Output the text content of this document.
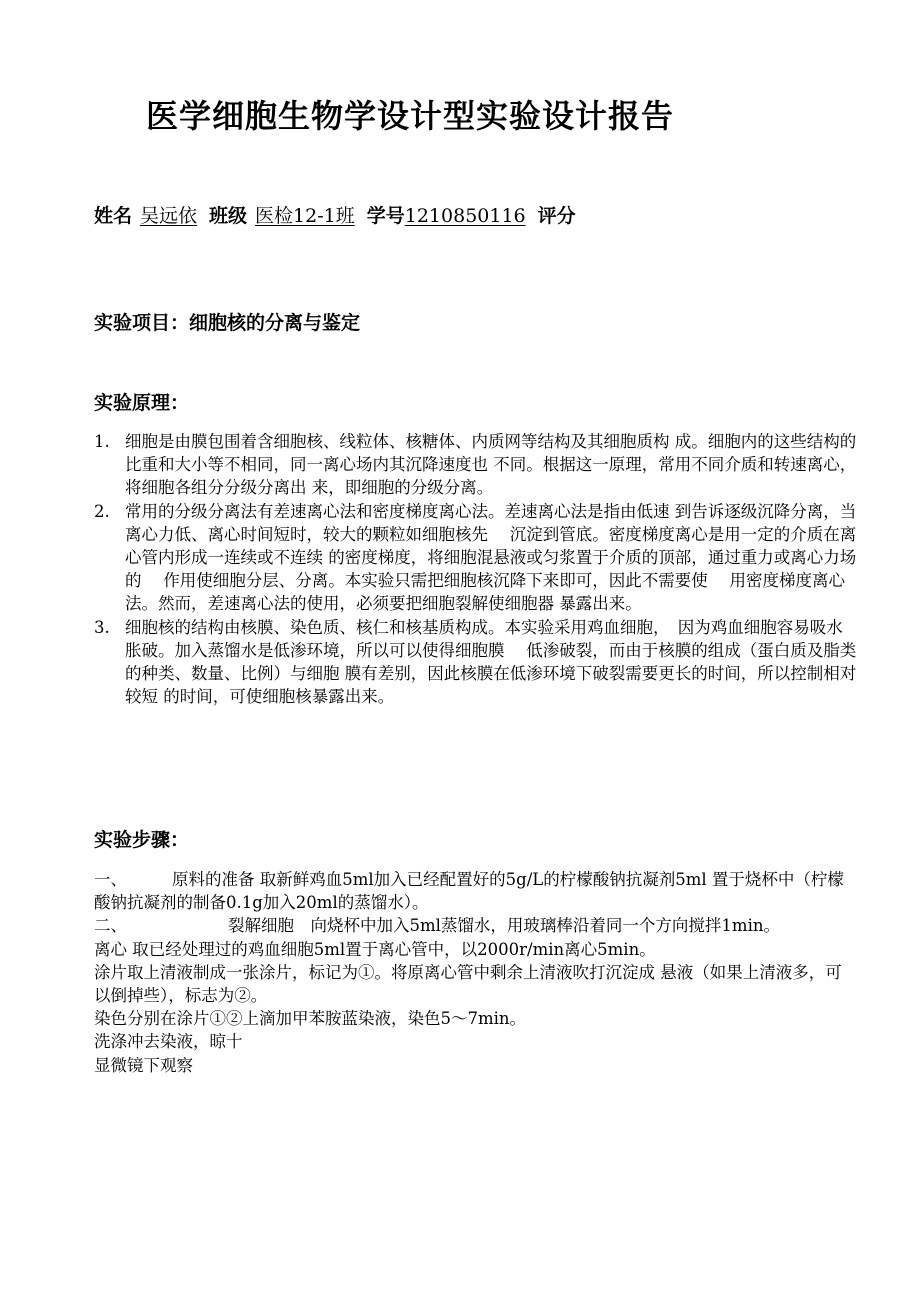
医学细胞生物学设计型实验设计报告
姓名 吴远依 班级 医检12-1班 学号1210850116 评分
实验项目：细胞核的分离与鉴定
实验原理：
1. 细胞是由膜包围着含细胞核、线粒体、核糖体、内质网等结构及其细胞质构 成。细胞内的这些结构的比重和大小等不相同，同一离心场内其沉降速度也 不同。根据这一原理，常用不同介质和转速离心，将细胞各组分分级分离出 来，即细胞的分级分离。
2. 常用的分级分离法有差速离心法和密度梯度离心法。差速离心法是指由低速 到告诉逐级沉降分离，当离心力低、离心时间短时，较大的颗粒如细胞核先　 沉淀到管底。密度梯度离心是用一定的介质在离心管内形成一连续或不连续 的密度梯度，将细胞混悬液或匀浆置于介质的顶部，通过重力或离心力场的　 作用使细胞分层、分离。本实验只需把细胞核沉降下来即可，因此不需要使　 用密度梯度离心法。然而，差速离心法的使用，必须要把细胞裂解使细胞器 暴露出来。
3. 细胞核的结构由核膜、染色质、核仁和核基质构成。本实验采用鸡血细胞，　因为鸡血细胞容易吸水胀破。加入蒸馏水是低渗环境，所以可以使得细胞膜　 低渗破裂，而由于核膜的组成（蛋白质及脂类的种类、数量、比例）与细胞 膜有差别，因此核膜在低渗环境下破裂需要更长的时间，所以控制相对较短 的时间，可使细胞核暴露出来。
实验步骤：

一、	原料的准备 取新鲜鸡血5ml加入已经配置好的5g/L的柠檬酸钠抗凝剂5ml 置于烧杯中（柠檬酸钠抗凝剂的制备0.1g加入20ml的蒸馏水）。

二、	裂解细胞　向烧杯中加入5ml蒸馏水，用玻璃棒沿着同一个方向搅拌1min。

离心 取已经处理过的鸡血细胞5ml置于离心管中，以2000r/min离心5min。

涂片取上清液制成一张涂片，标记为①。将原离心管中剩余上清液吹打沉淀成 悬液（如果上清液多，可以倒掉些），标志为②。

染色分别在涂片①②上滴加甲苯胺蓝染液，染色5〜7min。

洗涤冲去染液，晾十

显微镜下观察
